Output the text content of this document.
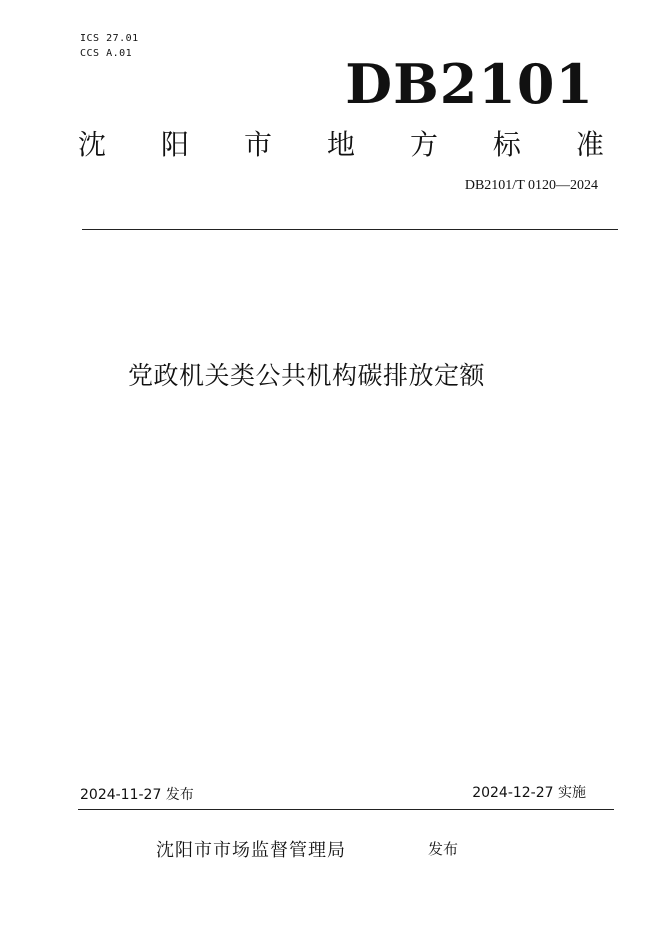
ICS 27.01
CCS A.01	DB2101
沈 阳 市 地 方 标 准
DB2101/T 0120—2024
党政机关类公共机构碳排放定额
2024-11-27 发布	2024-12-27 实施
沈阳市市场监督管理局	发布
